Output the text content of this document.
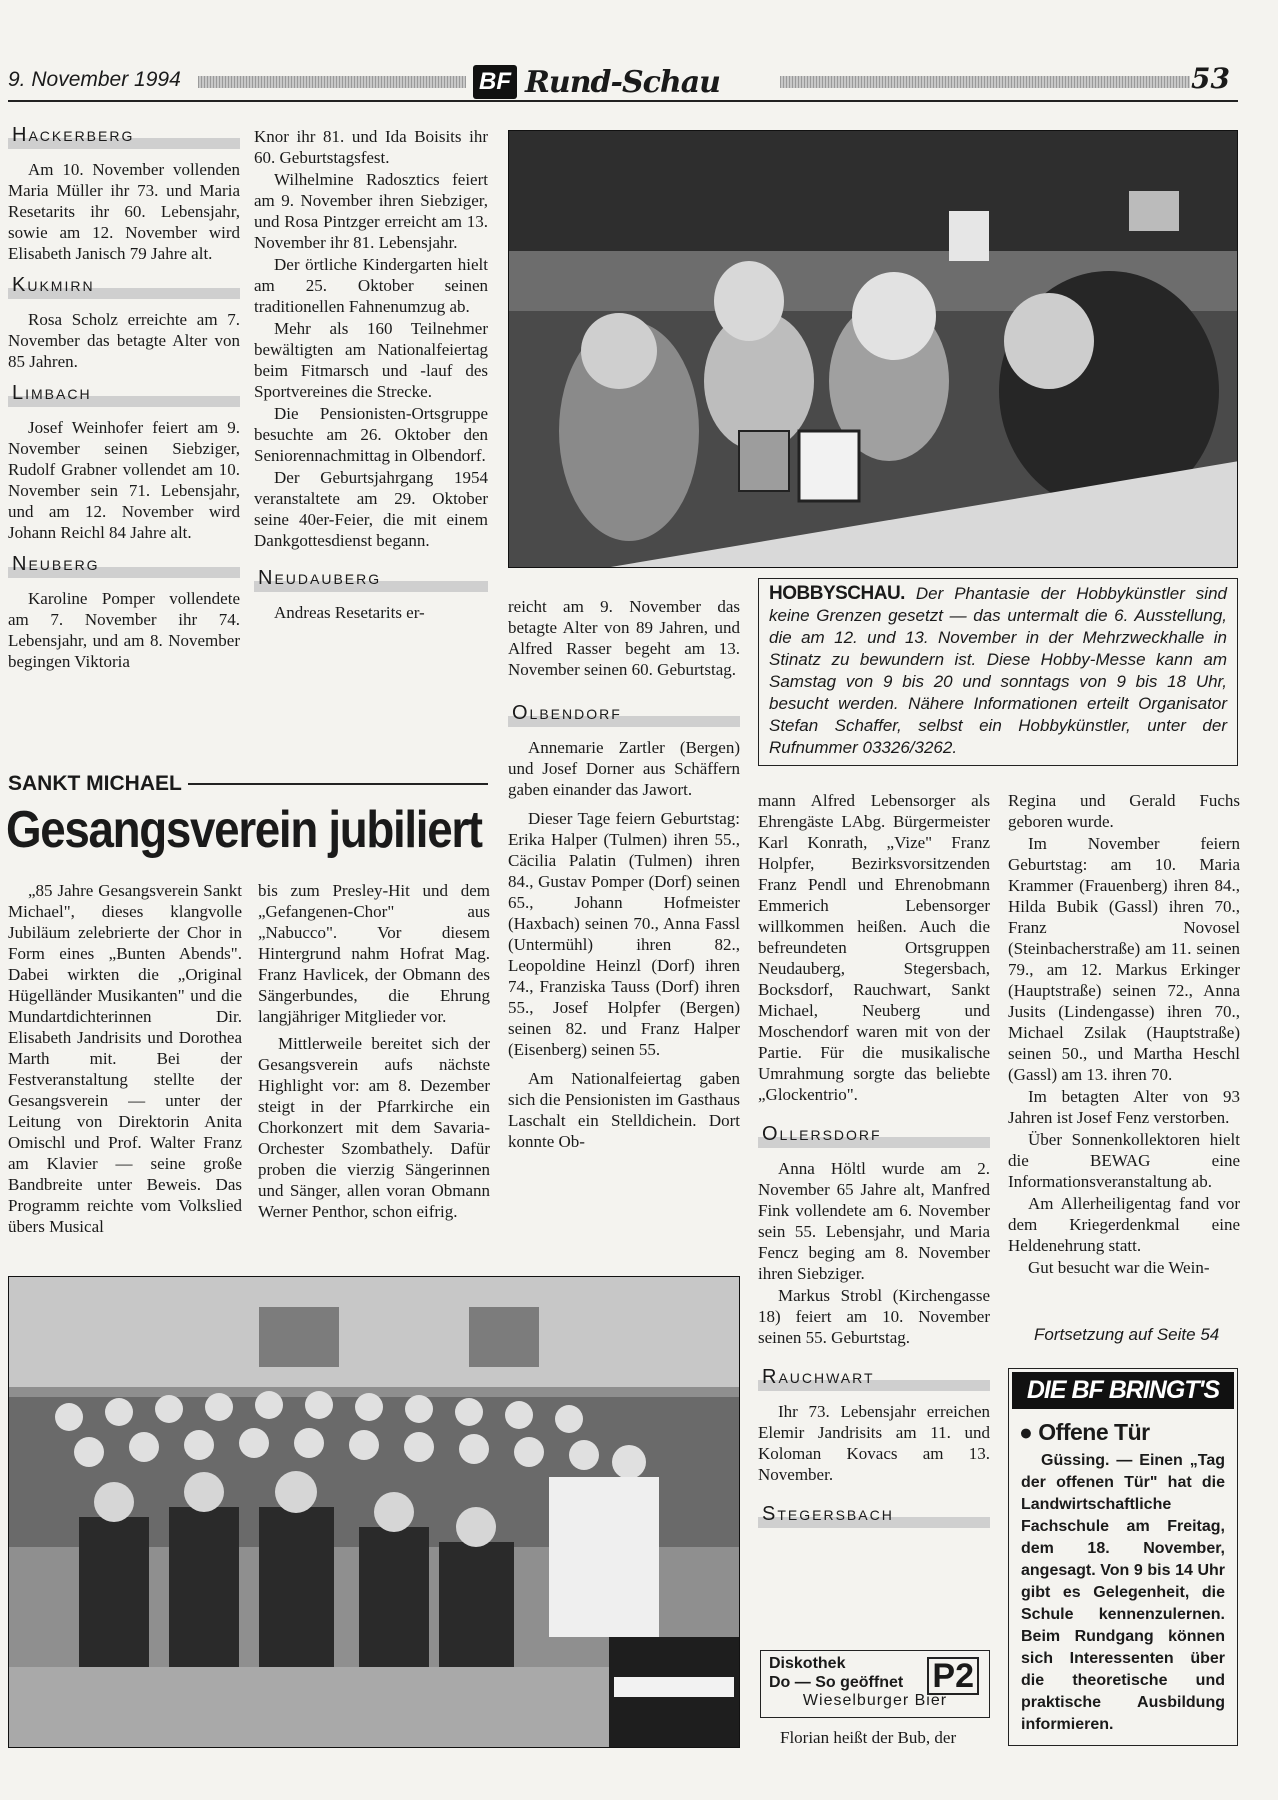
9. November 1994	BF Rund-Schau	53
Hackerberg

Am 10. November vollenden Maria Müller ihr 73. und Maria Resetarits ihr 60. Lebensjahr, sowie am 12. November wird Elisabeth Janisch 79 Jahre alt.

Kukmirn

Rosa Scholz erreichte am 7. November das betagte Alter von 85 Jahren.

Limbach

Josef Weinhofer feiert am 9. November seinen Siebziger, Rudolf Grabner vollendet am 10. November sein 71. Lebensjahr, und am 12. November wird Johann Reichl 84 Jahre alt.

Neuberg

Karoline Pomper vollendete am 7. November ihr 74. Lebensjahr, und am 8. November begingen Viktoria

Knor ihr 81. und Ida Boisits ihr 60. Geburtstagsfest.

Wilhelmine Radosztics feiert am 9. November ihren Siebziger, und Rosa Pintzger erreicht am 13. November ihr 81. Lebensjahr.

Der örtliche Kindergarten hielt am 25. Oktober seinen traditionellen Fahnenumzug ab.

Mehr als 160 Teilnehmer bewältigten am Nationalfeiertag beim Fitmarsch und -lauf des Sportvereines die Strecke.

Die Pensionisten-Ortsgruppe besuchte am 26. Oktober den Seniorennachmittag in Olbendorf.

Der Geburtsjahrgang 1954 veranstaltete am 29. Oktober seine 40er-Feier, die mit einem Dankgottesdienst begann.

Neudauberg

Andreas Resetarits er-	reicht am 9. November das betagte Alter von 89 Jahren, und Alfred Rasser begeht am 13. November seinen 60. Geburtstag.

Olbendorf

Annemarie Zartler (Bergen) und Josef Dorner aus Schäffern gaben einander das Jawort.

Dieser Tage feiern Geburtstag: Erika Halper (Tulmen) ihren 55., Cäcilia Palatin (Tulmen) ihren 84., Gustav Pomper (Dorf) seinen 65., Johann Hofmeister (Haxbach) seinen 70., Anna Fassl (Untermühl) ihren 82., Leopoldine Heinzl (Dorf) ihren 74., Franziska Tauss (Dorf) ihren 55., Josef Holpfer (Bergen) seinen 82. und Franz Halper (Eisenberg) seinen 55.

Am Nationalfeiertag gaben sich die Pensionisten im Gasthaus Laschalt ein Stelldichein. Dort konnte Ob-

HOBBYSCHAU. Der Phantasie der Hobbykünstler sind keine Grenzen gesetzt — das untermalt die 6. Ausstellung, die am 12. und 13. November in der Mehrzweckhalle in Stinatz zu bewundern ist. Diese Hobby-Messe kann am Samstag von 9 bis 20 und sonntags von 9 bis 18 Uhr, besucht werden. Nähere Informationen erteilt Organisator Stefan Schaffer, selbst ein Hobbykünstler, unter der Rufnummer 03326/3262.
SANKT MICHAEL
Gesangsverein jubiliert

„85 Jahre Gesangsverein Sankt Michael", dieses klangvolle Jubiläum zelebrierte der Chor in Form eines „Bunten Abends". Dabei wirkten die „Original Hügelländer Musikanten" und die Mundartdichterinnen Dir. Elisabeth Jandrisits und Dorothea Marth mit. Bei der Festveranstaltung stellte der Gesangsverein — unter der Leitung von Direktorin Anita Omischl und Prof. Walter Franz am Klavier — seine große Bandbreite unter Beweis. Das Programm reichte vom Volkslied übers Musical

bis zum Presley-Hit und dem „Gefangenen-Chor" aus „Nabucco". Vor diesem Hintergrund nahm Hofrat Mag. Franz Havlicek, der Obmann des Sängerbundes, die Ehrung langjähriger Mitglieder vor.

Mittlerweile bereitet sich der Gesangsverein aufs nächste Highlight vor: am 8. Dezember steigt in der Pfarrkirche ein Chorkonzert mit dem Savaria-Orchester Szombathely. Dafür proben die vierzig Sängerinnen und Sänger, allen voran Obmann Werner Penthor, schon eifrig.

mann Alfred Lebensorger als Ehrengäste LAbg. Bürgermeister Karl Konrath, „Vize" Franz Holpfer, Bezirksvorsitzenden Franz Pendl und Ehrenobmann Emmerich Lebensorger willkommen heißen. Auch die befreundeten Ortsgruppen Neudauberg, Stegersbach, Bocksdorf, Rauchwart, Sankt Michael, Neuberg und Moschendorf waren mit von der Partie. Für die musikalische Umrahmung sorgte das beliebte „Glockentrio".

Ollersdorf

Anna Höltl wurde am 2. November 65 Jahre alt, Manfred Fink vollendete am 6. November sein 55. Lebensjahr, und Maria Fencz beging am 8. November ihren Siebziger.

Markus Strobl (Kirchengasse 18) feiert am 10. November seinen 55. Geburtstag.

Rauchwart

Ihr 73. Lebensjahr erreichen Elemir Jandrisits am 11. und Koloman Kovacs am 13. November.

Stegersbach
Diskothek
Do — So geöffnet P2
Wieselburger Bier

Florian heißt der Bub, der

Regina und Gerald Fuchs geboren wurde.

Im November feiern Geburtstag: am 10. Maria Krammer (Frauenberg) ihren 84., Hilda Bubik (Gassl) ihren 70., Franz Novosel (Steinbacherstraße) am 11. seinen 79., am 12. Markus Erkinger (Hauptstraße) seinen 72., Anna Jusits (Lindengasse) ihren 70., Michael Zsilak (Hauptstraße) seinen 50., und Martha Heschl (Gassl) am 13. ihren 70.

Im betagten Alter von 93 Jahren ist Josef Fenz verstorben.

Über Sonnenkollektoren hielt die BEWAG eine Informationsveranstaltung ab.

Am Allerheiligentag fand vor dem Kriegerdenkmal eine Heldenehrung statt.

Gut besucht war die Wein-

Fortsetzung auf Seite 54
DIE BF BRINGT'S
● Offene Tür
Güssing. — Einen „Tag der offenen Tür" hat die Landwirtschaftliche Fachschule am Freitag, dem 18. November, angesagt. Von 9 bis 14 Uhr gibt es Gelegenheit, die Schule kennenzulernen. Beim Rundgang können sich Interessenten über die theoretische und praktische Ausbildung informieren.
